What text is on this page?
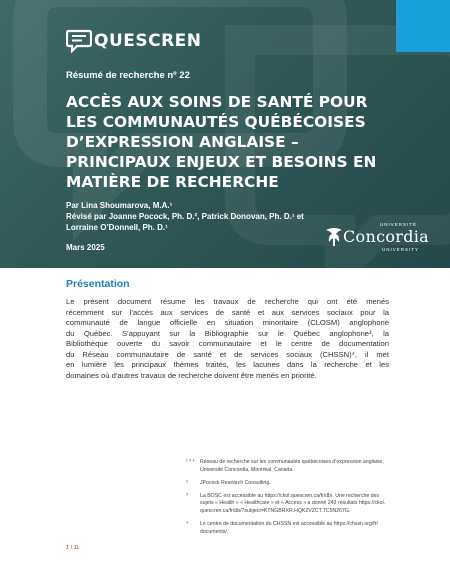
QUESCREN
Résumé de recherche nº 22
ACCÈS AUX SOINS DE SANTÉ POUR
LES COMMUNAUTÉS QUÉBÉCOISES
D’EXPRESSION ANGLAISE –
PRINCIPAUX ENJEUX ET BESOINS EN
MATIÈRE DE RECHERCHE
Par Lina Shoumarova, M.A.¹
Révisé par Joanne Pocock, Ph. D.², Patrick Donovan, Ph. D.¹ et
Lorraine O’Donnell, Ph. D.¹
Mars 2025
UNIVERSITÉ
Concordia
UNIVERSITY
Présentation
Le présent document résume les travaux de recherche qui ont été menés
récemment sur l’accès aux services de santé et aux services sociaux pour la
communauté de langue officielle en situation minoritaire (CLOSM) anglophone
du Québec. S’appuyant sur la Bibliographie sur le Québec anglophone³, la
Bibliothèque ouverte du savoir communautaire et le centre de documentation
du Réseau communautaire de santé et de services sociaux (CHSSN)⁴, il met
en lumière les principaux thèmes traités, les lacunes dans la recherche et les
domaines où d’autres travaux de recherche doivent être menés en priorité.
¹ ³ ⁴	Réseau de recherche sur les communautés québécoises d’expression anglaise,
Université Concordia, Montréal, Canada.
²	JPocock Research Consulting.
³	La BOSC est accessible au https://ckol.quescren.ca/fr/db/. Une recherche des
sujets « Health » « Healthcare » et « Access » a donné 243 résultats https://ckol.
quescren.ca/fr/db/?subject=KTNGBRXR.HQK2VZCT.TC5N267G.
⁴	Le centre de documentation du CHSSN est accessible au https://chssn.org/fr/
documents/.
1 / 11
